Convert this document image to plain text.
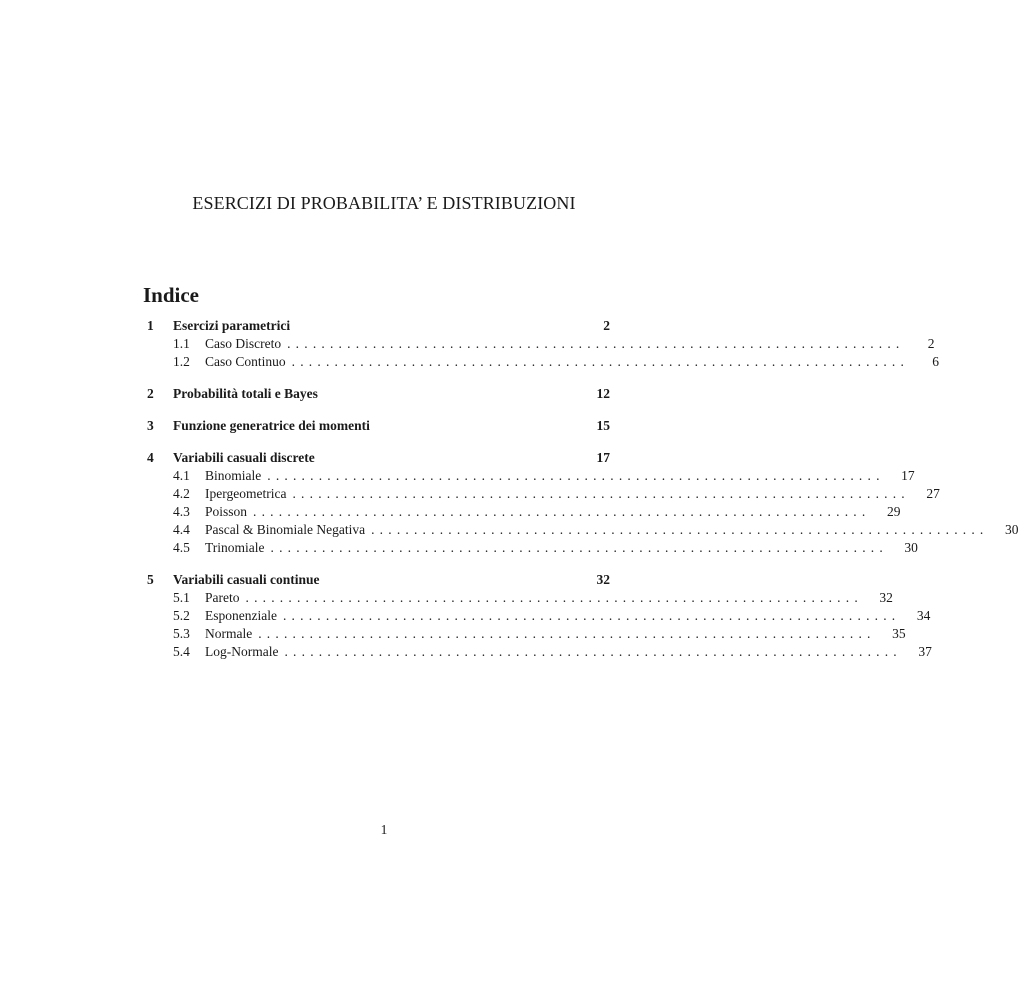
ESERCIZI DI PROBABILITA’ E DISTRIBUZIONI
Indice
1	Esercizi parametrici	2
1.1	Caso Discreto ........................................................................	2
1.2	Caso Continuo ........................................................................	6
2	Probabilità totali e Bayes	12
3	Funzione generatrice dei momenti	15
4	Variabili casuali discrete	17
4.1	Binomiale ........................................................................	17
4.2	Ipergeometrica ........................................................................	27
4.3	Poisson ........................................................................	29
4.4	Pascal & Binomiale Negativa ........................................................................	30
4.5	Trinomiale ........................................................................	30
5	Variabili casuali continue	32
5.1	Pareto ........................................................................	32
5.2	Esponenziale ........................................................................	34
5.3	Normale ........................................................................	35
5.4	Log-Normale ........................................................................	37
1
